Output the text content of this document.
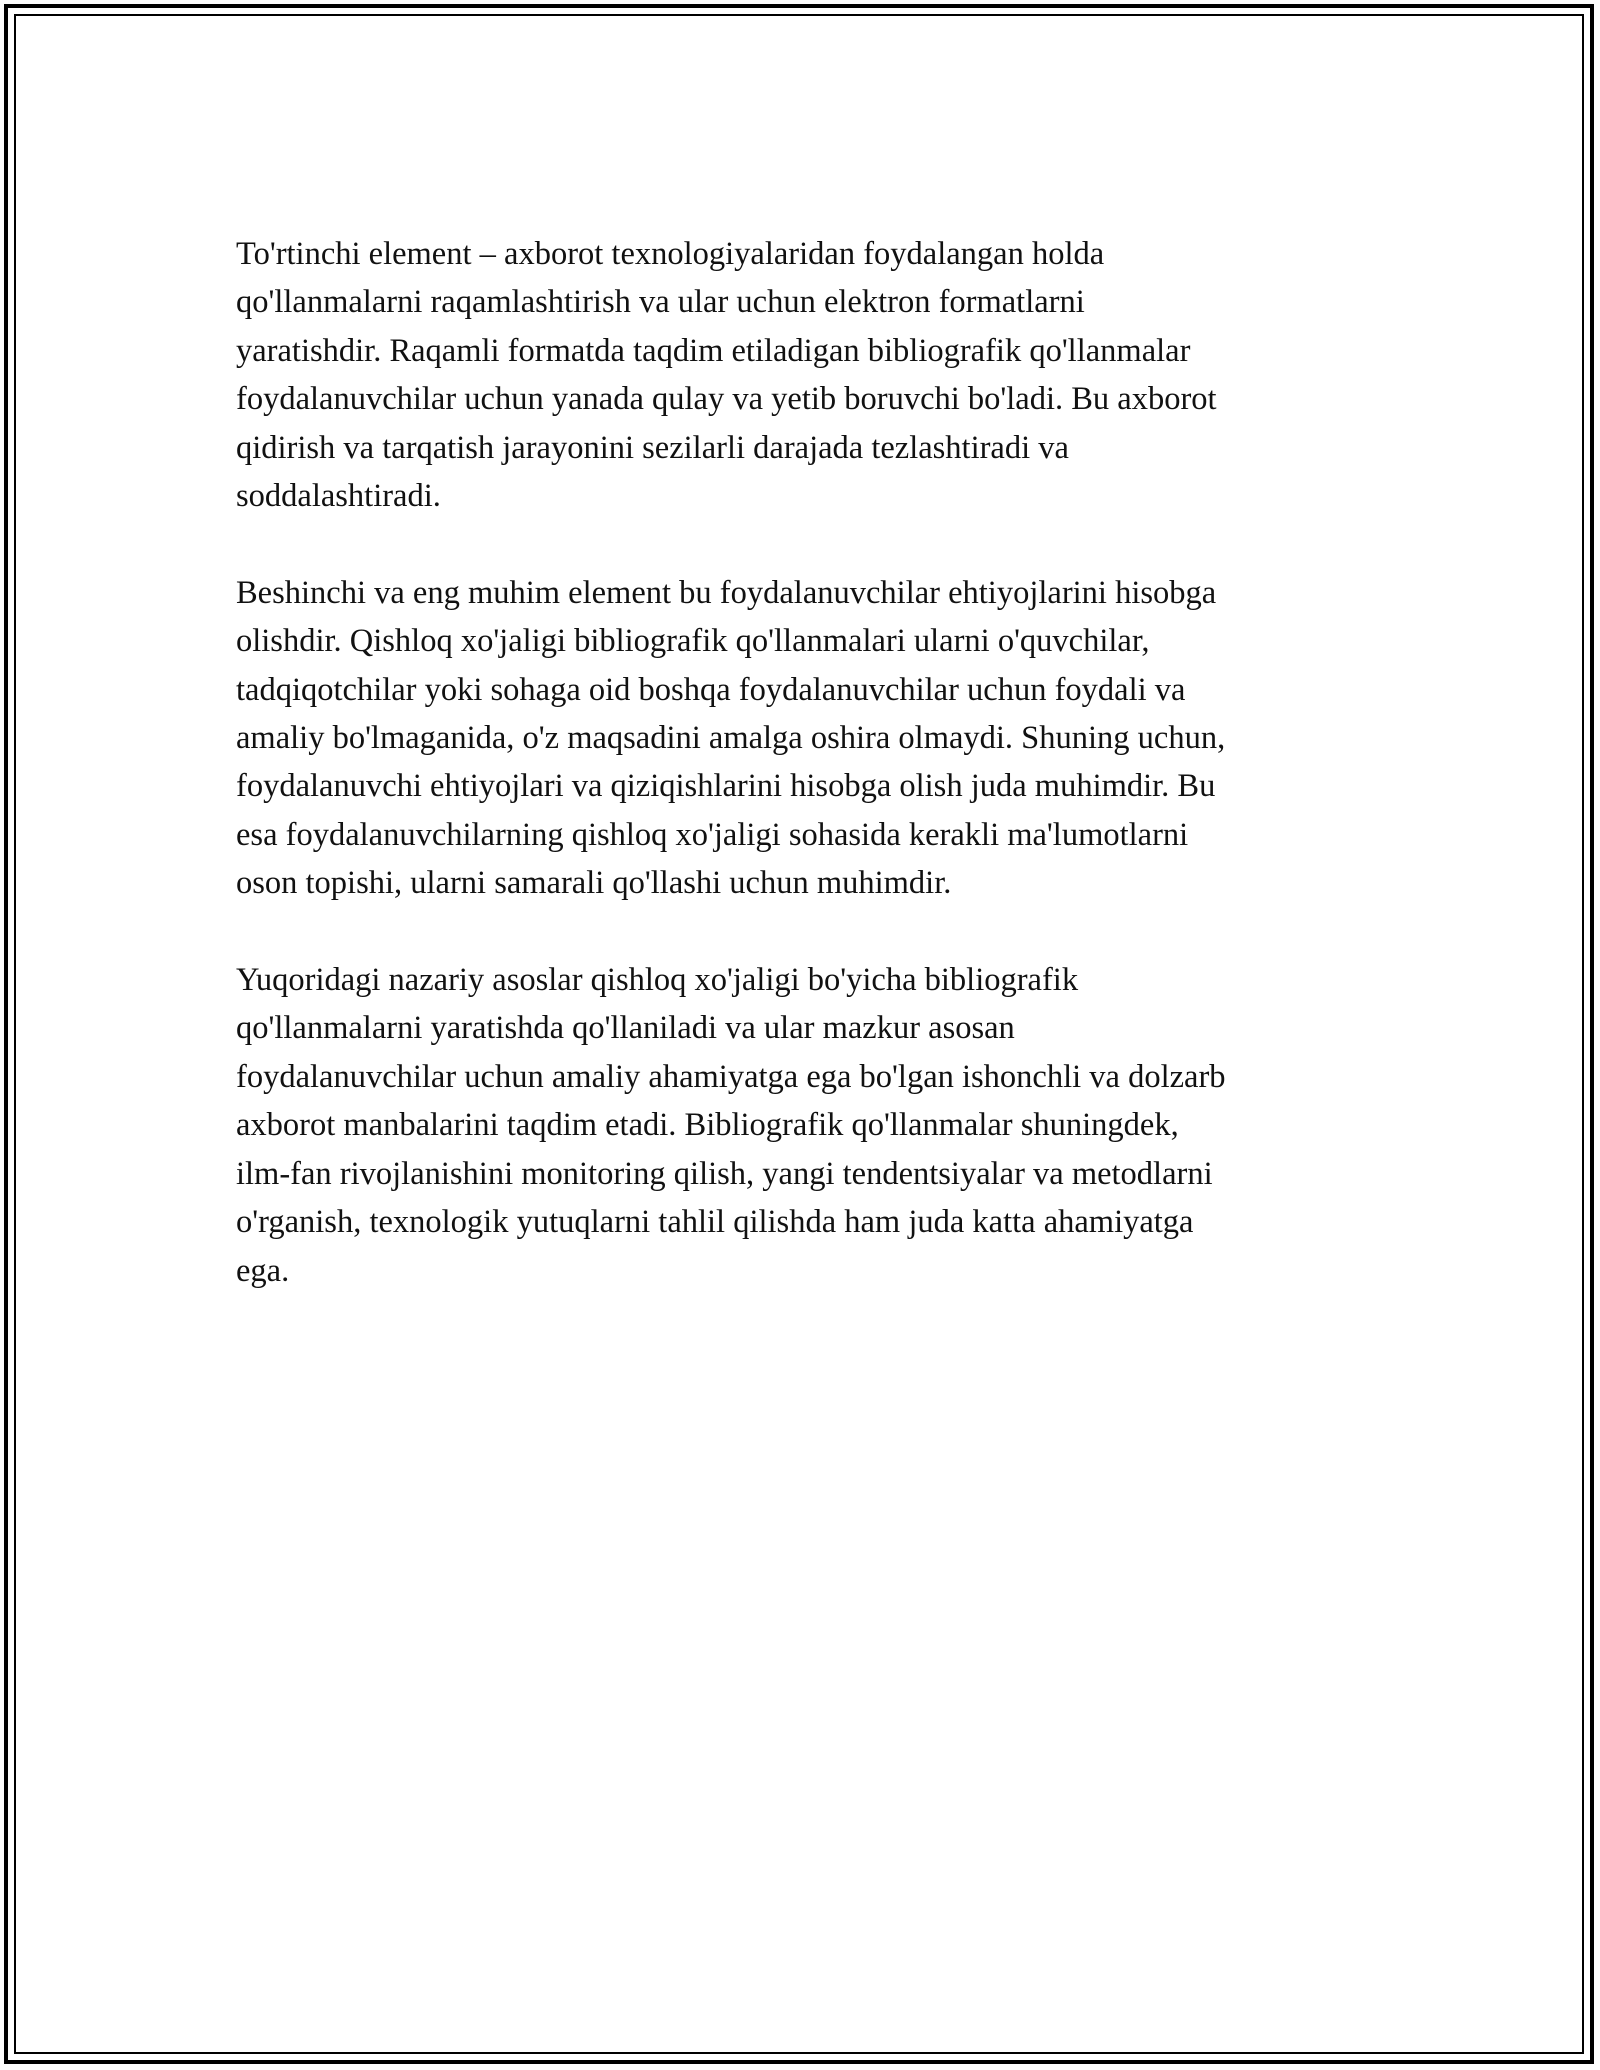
To'rtinchi element – axborot texnologiyalaridan foydalangan holda
qo'llanmalarni raqamlashtirish va ular uchun elektron formatlarni
yaratishdir. Raqamli formatda taqdim etiladigan bibliografik qo'llanmalar
foydalanuvchilar uchun yanada qulay va yetib boruvchi bo'ladi. Bu axborot
qidirish va tarqatish jarayonini sezilarli darajada tezlashtiradi va
soddalashtiradi.

Beshinchi va eng muhim element bu foydalanuvchilar ehtiyojlarini hisobga
olishdir. Qishloq xo'jaligi bibliografik qo'llanmalari ularni o'quvchilar,
tadqiqotchilar yoki sohaga oid boshqa foydalanuvchilar uchun foydali va
amaliy bo'lmaganida, o'z maqsadini amalga oshira olmaydi. Shuning uchun,
foydalanuvchi ehtiyojlari va qiziqishlarini hisobga olish juda muhimdir. Bu
esa foydalanuvchilarning qishloq xo'jaligi sohasida kerakli ma'lumotlarni
oson topishi, ularni samarali qo'llashi uchun muhimdir.

Yuqoridagi nazariy asoslar qishloq xo'jaligi bo'yicha bibliografik
qo'llanmalarni yaratishda qo'llaniladi va ular mazkur asosan
foydalanuvchilar uchun amaliy ahamiyatga ega bo'lgan ishonchli va dolzarb
axborot manbalarini taqdim etadi. Bibliografik qo'llanmalar shuningdek,
ilm-fan rivojlanishini monitoring qilish, yangi tendentsiyalar va metodlarni
o'rganish, texnologik yutuqlarni tahlil qilishda ham juda katta ahamiyatga
ega.
